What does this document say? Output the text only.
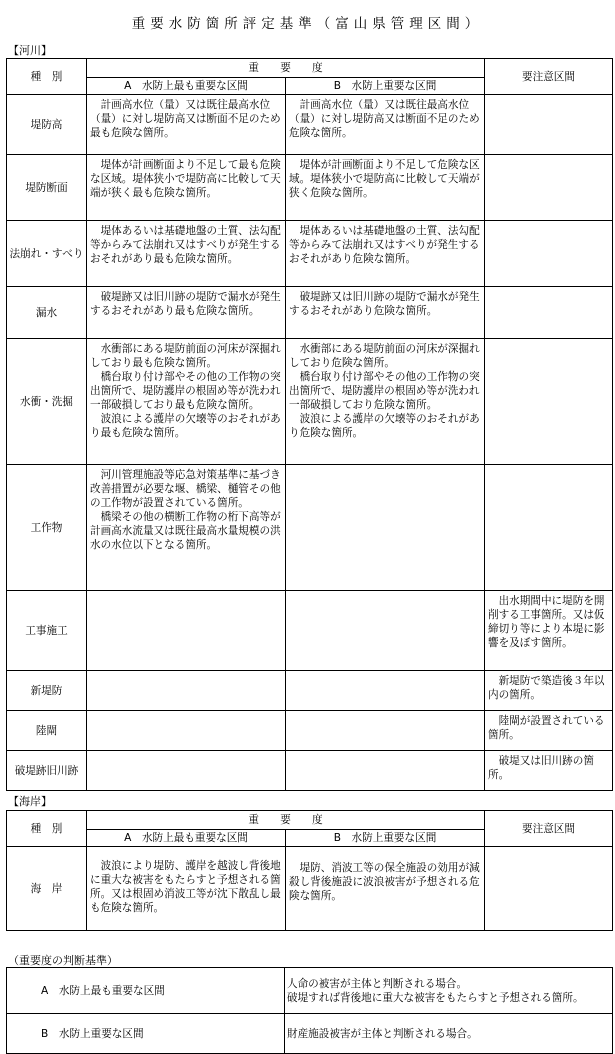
重要水防箇所評定基準（富山県管理区間）
【河川】
種　別	重　　要　　度		要注意区間
	A　水防上最も重要な区間	B　水防上重要な区間	
堤防高	計画高水位（量）又は既往最高水位（量）に対し堤防高又は断面不足のため最も危険な箇所。	計画高水位（量）又は既往最高水位（量）に対し堤防高又は断面不足のため危険な箇所。	

堤防断面	堤体が計画断面より不足して最も危険な区域。堤体狭小で堤防高に比較して天端が狭く最も危険な箇所。	堤体が計画断面より不足して危険な区域。堤体狭小で堤防高に比較して天端が狭く危険な箇所。	

法崩れ・すべり	堤体あるいは基礎地盤の土質、法勾配等からみて法崩れ又はすべりが発生するおそれがあり最も危険な箇所。	堤体あるいは基礎地盤の土質、法勾配等からみて法崩れ又はすべりが発生するおそれがあり危険な箇所。	

漏水	破堤跡又は旧川跡の堤防で漏水が発生するおそれがあり最も危険な箇所。	破堤跡又は旧川跡の堤防で漏水が発生するおそれがあり危険な箇所。	

水衝・洗掘	水衝部にある堤防前面の河床が深掘れしており最も危険な箇所。
橋台取り付け部やその他の工作物の突出箇所で、堤防護岸の根固め等が洗われ一部破損しており最も危険な箇所。
波浪による護岸の欠壊等のおそれがあり最も危険な箇所。	水衝部にある堤防前面の河床が深掘れしており危険な箇所。
橋台取り付け部やその他の工作物の突出箇所で、堤防護岸の根固め等が洗われ一部破損しており危険な箇所。
波浪による護岸の欠壊等のおそれがあり危険な箇所。	

工作物	河川管理施設等応急対策基準に基づき改善措置が必要な堰、橋梁、樋管その他の工作物が設置されている箇所。
橋梁その他の横断工作物の桁下高等が計画高水流量又は既往最高水量規模の洪水の水位以下となる箇所。		

工事施工			出水期間中に堤防を開削する工事箇所。又は仮締切り等により本堤に影響を及ぼす箇所。

新堤防			新堤防で築造後３年以内の箇所。

陸閘			陸閘が設置されている箇所。

破堤跡旧川跡			破堤又は旧川跡の箇所。
【海岸】
種　別	重　　要　　度		要注意区間
	A　水防上最も重要な区間	B　水防上重要な区間	
海　岸	波浪により堤防、護岸を越波し背後地に重大な被害をもたらすと予想される箇所。又は根固め消波工等が沈下散乱し最も危険な箇所。	堤防、消波工等の保全施設の効用が減殺し背後施設に波浪被害が予想される危険な箇所。	

（重要度の判断基準）
A　水防上最も重要な区間	人命の被害が主体と判断される場合。
破堤すれば背後地に重大な被害をもたらすと予想される箇所。

B　水防上重要な区間	財産施設被害が主体と判断される場合。
